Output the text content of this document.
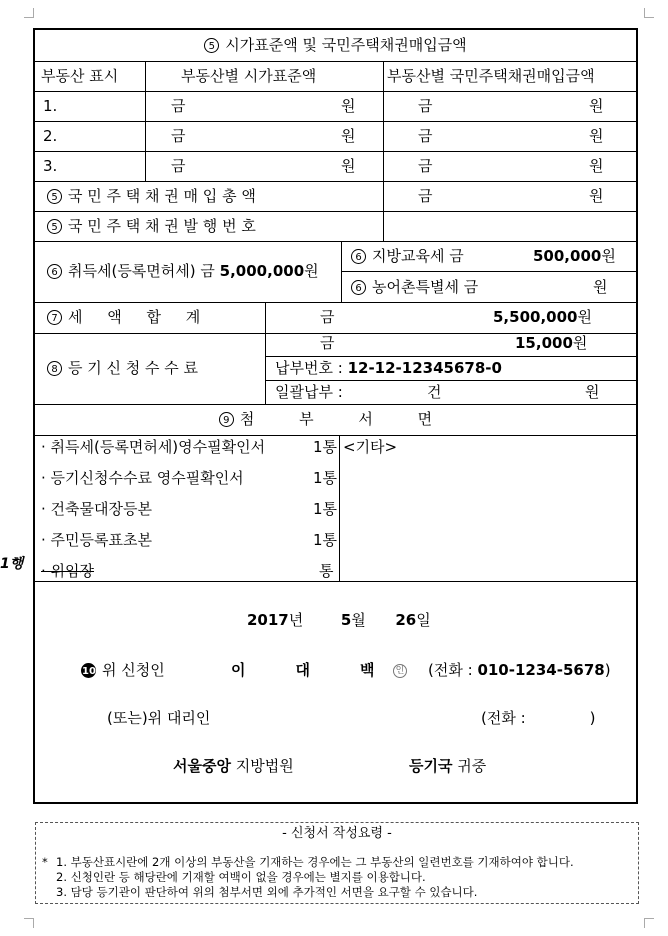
1행
5 시가표준액 및 국민주택채권매입금액
부동산 표시	부동산별 시가표준액	부동산별 국민주택채권매입금액
1.	금	원	금	원
2.	금	원	금	원
3.	금	원	금	원
5 국 민 주 택 채 권 매 입 총 액	금	원
5 국 민 주 택 채 권 발 행 번 호
6 취득세(등록면허세) 금 5,000,000원
6 지방교육세 금	500,000원
6 농어촌특별세 금	원
7 세 액 합 계	금	5,500,000원
8 등 기 신 청 수 수 료
금	15,000원
납부번호 : 12-12-12345678-0
일괄납부 :	건	원
9 첨 부 서 면
· 취득세(등록면허세)영수필확인서	1통
· 등기신청수수료 영수필확인서	1통
· 건축물대장등본	1통
· 주민등록표초본	1통
· 위임장	통
<기타>
2017년	5월 26일
10 위 신청인	이	대	백 인 (전화 : 010-1234-5678)
(또는)위 대리인	(전화 :	)
서울중앙 지방법원	등기국 귀중
- 신청서 작성요령 -
* 1. 부동산표시란에 2개 이상의 부동산을 기재하는 경우에는 그 부동산의 일련번호를 기재하여야 합니다.
2. 신청인란 등 해당란에 기재할 여백이 없을 경우에는 별지를 이용합니다.
3. 담당 등기관이 판단하여 위의 첨부서면 외에 추가적인 서면을 요구할 수 있습니다.
